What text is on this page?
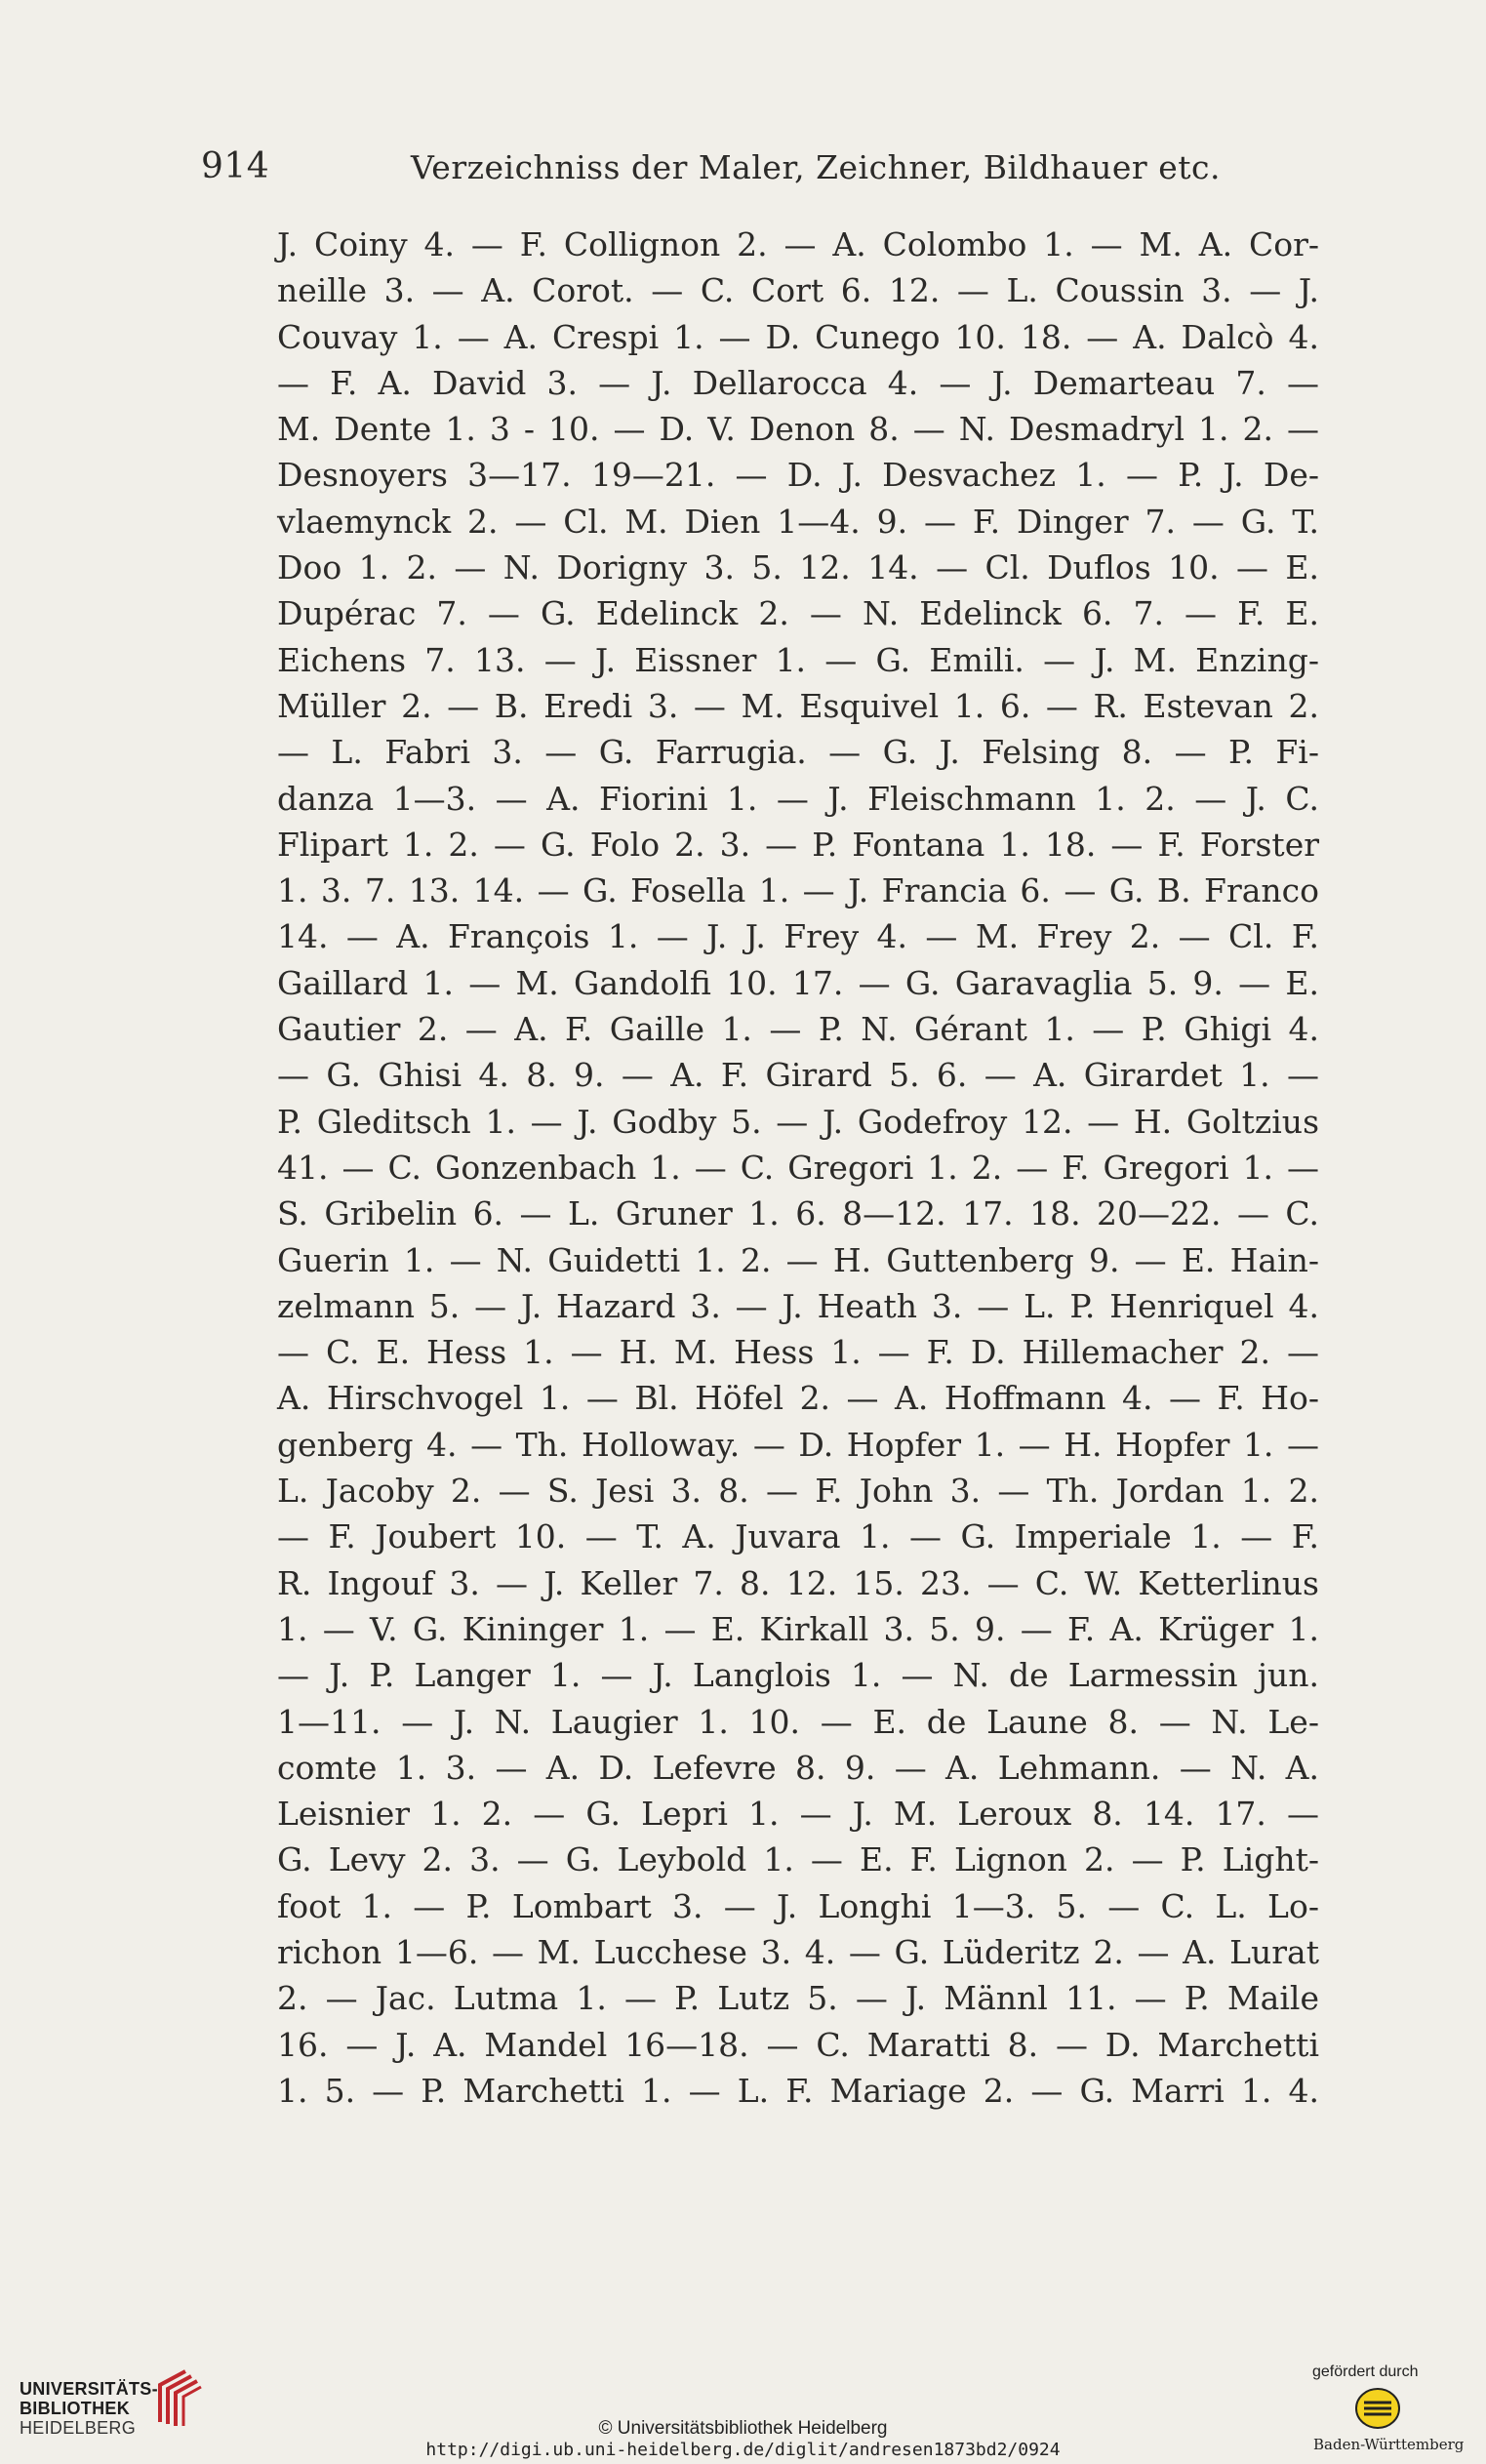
914	Verzeichniss der Maler, Zeichner, Bildhauer etc.
J. Coiny 4. — F. Collignon 2. — A. Colombo 1. — M. A. Cor-
neille 3. — A. Corot. — C. Cort 6. 12. — L. Coussin 3. — J.
Couvay 1. — A. Crespi 1. — D. Cunego 10. 18. — A. Dalcò 4.
— F. A. David 3. — J. Dellarocca 4. — J. Demarteau 7. —
M. Dente 1. 3 - 10. — D. V. Denon 8. — N. Desmadryl 1. 2. —
Desnoyers 3—17. 19—21. — D. J. Desvachez 1. — P. J. De-
vlaemynck 2. — Cl. M. Dien 1—4. 9. — F. Dinger 7. — G. T.
Doo 1. 2. — N. Dorigny 3. 5. 12. 14. — Cl. Duflos 10. — E.
Dupérac 7. — G. Edelinck 2. — N. Edelinck 6. 7. — F. E.
Eichens 7. 13. — J. Eissner 1. — G. Emili. — J. M. Enzing-
Müller 2. — B. Eredi 3. — M. Esquivel 1. 6. — R. Estevan 2.
— L. Fabri 3. — G. Farrugia. — G. J. Felsing 8. — P. Fi-
danza 1—3. — A. Fiorini 1. — J. Fleischmann 1. 2. — J. C.
Flipart 1. 2. — G. Folo 2. 3. — P. Fontana 1. 18. — F. Forster
1. 3. 7. 13. 14. — G. Fosella 1. — J. Francia 6. — G. B. Franco
14. — A. François 1. — J. J. Frey 4. — M. Frey 2. — Cl. F.
Gaillard 1. — M. Gandolfi 10. 17. — G. Garavaglia 5. 9. — E.
Gautier 2. — A. F. Gaille 1. — P. N. Gérant 1. — P. Ghigi 4.
— G. Ghisi 4. 8. 9. — A. F. Girard 5. 6. — A. Girardet 1. —
P. Gleditsch 1. — J. Godby 5. — J. Godefroy 12. — H. Goltzius
41. — C. Gonzenbach 1. — C. Gregori 1. 2. — F. Gregori 1. —
S. Gribelin 6. — L. Gruner 1. 6. 8—12. 17. 18. 20—22. — C.
Guerin 1. — N. Guidetti 1. 2. — H. Guttenberg 9. — E. Hain-
zelmann 5. — J. Hazard 3. — J. Heath 3. — L. P. Henriquel 4.
— C. E. Hess 1. — H. M. Hess 1. — F. D. Hillemacher 2. —
A. Hirschvogel 1. — Bl. Höfel 2. — A. Hoffmann 4. — F. Ho-
genberg 4. — Th. Holloway. — D. Hopfer 1. — H. Hopfer 1. —
L. Jacoby 2. — S. Jesi 3. 8. — F. John 3. — Th. Jordan 1. 2.
— F. Joubert 10. — T. A. Juvara 1. — G. Imperiale 1. — F.
R. Ingouf 3. — J. Keller 7. 8. 12. 15. 23. — C. W. Ketterlinus
1. — V. G. Kininger 1. — E. Kirkall 3. 5. 9. — F. A. Krüger 1.
— J. P. Langer 1. — J. Langlois 1. — N. de Larmessin jun.
1—11. — J. N. Laugier 1. 10. — E. de Laune 8. — N. Le-
comte 1. 3. — A. D. Lefevre 8. 9. — A. Lehmann. — N. A.
Leisnier 1. 2. — G. Lepri 1. — J. M. Leroux 8. 14. 17. —
G. Levy 2. 3. — G. Leybold 1. — E. F. Lignon 2. — P. Light-
foot 1. — P. Lombart 3. — J. Longhi 1—3. 5. — C. L. Lo-
richon 1—6. — M. Lucchese 3. 4. — G. Lüderitz 2. — A. Lurat
2. — Jac. Lutma 1. — P. Lutz 5. — J. Männl 11. — P. Maile
16. — J. A. Mandel 16—18. — C. Maratti 8. — D. Marchetti
1. 5. — P. Marchetti 1. — L. F. Mariage 2. — G. Marri 1. 4.
UNIVERSITÄTS-
BIBLIOTHEK
HEIDELBERG	© Universitätsbibliothek Heidelberg
http://digi.ub.uni-heidelberg.de/diglit/andresen1873bd2/0924
gefördert durch
Baden-Württemberg
